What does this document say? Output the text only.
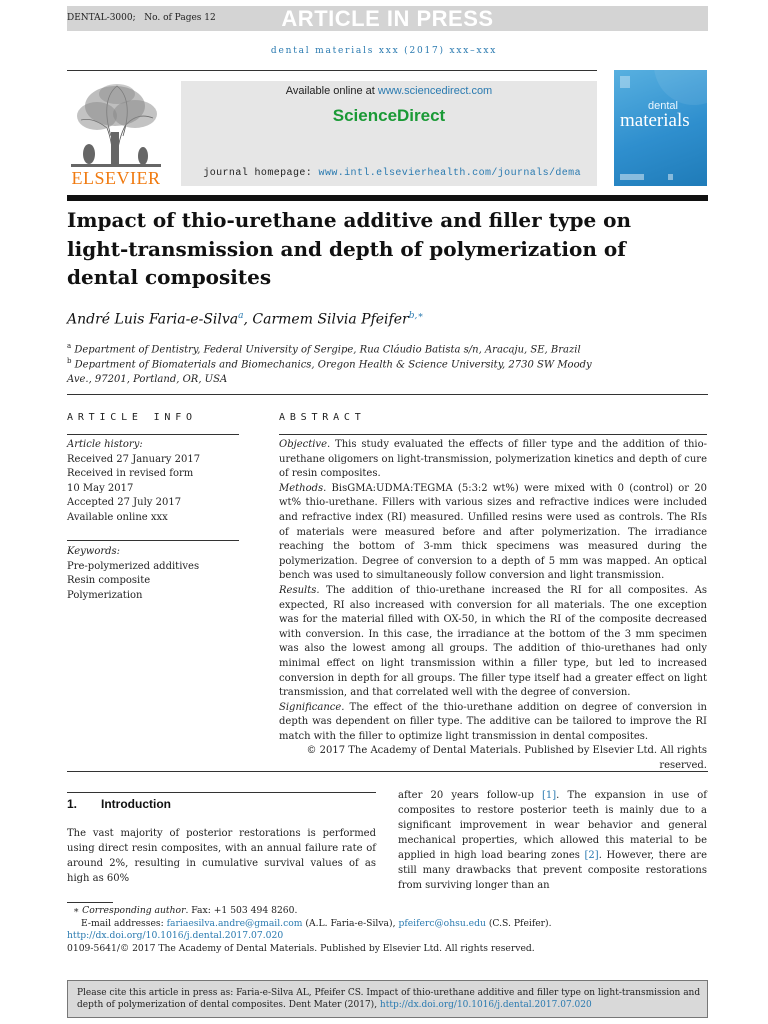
DENTAL-3000;   No. of Pages 12	ARTICLE IN PRESS
dental materials xxx (2017) xxx–xxx
ELSEVIER
Available online at www.sciencedirect.com
ScienceDirect
journal homepage: www.intl.elsevierhealth.com/journals/dema
dental
materials
Impact of thio-urethane additive and filler type on light-transmission and depth of polymerization of dental composites
André Luis Faria-e-Silva$^a$, Carmem Silvia Pfeifer$^{b,∗}$
$^a$ Department of Dentistry, Federal University of Sergipe, Rua Cláudio Batista s/n, Aracaju, SE, Brazil
$^b$ Department of Biomaterials and Biomechanics, Oregon Health & Science University, 2730 SW Moody Ave., 97201, Portland, OR, USA
ARTICLE INFO
Article history:
Received 27 January 2017
Received in revised form
10 May 2017
Accepted 27 July 2017
Available online xxx
Keywords:
Pre-polymerized additives
Resin composite
Polymerization
ABSTRACT

Objective. This study evaluated the effects of filler type and the addition of thio-urethane oligomers on light-transmission, polymerization kinetics and depth of cure of resin composites.

Methods. BisGMA:UDMA:TEGMA (5:3:2 wt%) were mixed with 0 (control) or 20 wt% thio-urethane. Fillers with various sizes and refractive indices were included and refractive index (RI) measured. Unfilled resins were used as controls. The RIs of materials were measured before and after polymerization. The irradiance reaching the bottom of 3-mm thick specimens was measured during the polymerization. Degree of conversion to a depth of 5 mm was mapped. An optical bench was used to simultaneously follow conversion and light transmission.

Results. The addition of thio-urethane increased the RI for all composites. As expected, RI also increased with conversion for all materials. The one exception was for the material filled with OX-50, in which the RI of the composite decreased with conversion. In this case, the irradiance at the bottom of the 3 mm specimen was also the lowest among all groups. The addition of thio-urethanes had only minimal effect on light transmission within a filler type, but led to increased conversion in depth for all groups. The filler type itself had a greater effect on light transmission, and that correlated well with the degree of conversion.

Significance. The effect of the thio-urethane addition on degree of conversion in depth was dependent on filler type. The additive can be tailored to improve the RI match with the filler to optimize light transmission in dental composites.

© 2017 The Academy of Dental Materials. Published by Elsevier Ltd. All rights reserved.

1.  Introduction
The vast majority of posterior restorations is performed using direct resin composites, with an annual failure rate of around 2%, resulting in cumulative survival values of as high as 60%
after 20 years follow-up [1]. The expansion in use of composites to restore posterior teeth is mainly due to a significant improvement in wear behavior and general mechanical properties, which allowed this material to be applied in high load bearing zones [2]. However, there are still many drawbacks that prevent composite restorations from surviving longer than an
∗ Corresponding author. Fax: +1 503 494 8260.
E-mail addresses: fariaesilva.andre@gmail.com (A.L. Faria-e-Silva), pfeiferc@ohsu.edu (C.S. Pfeifer).
http://dx.doi.org/10.1016/j.dental.2017.07.020
0109-5641/© 2017 The Academy of Dental Materials. Published by Elsevier Ltd. All rights reserved.
Please cite this article in press as: Faria-e-Silva AL, Pfeifer CS. Impact of thio-urethane additive and filler type on light-transmission and depth of polymerization of dental composites. Dent Mater (2017), http://dx.doi.org/10.1016/j.dental.2017.07.020
